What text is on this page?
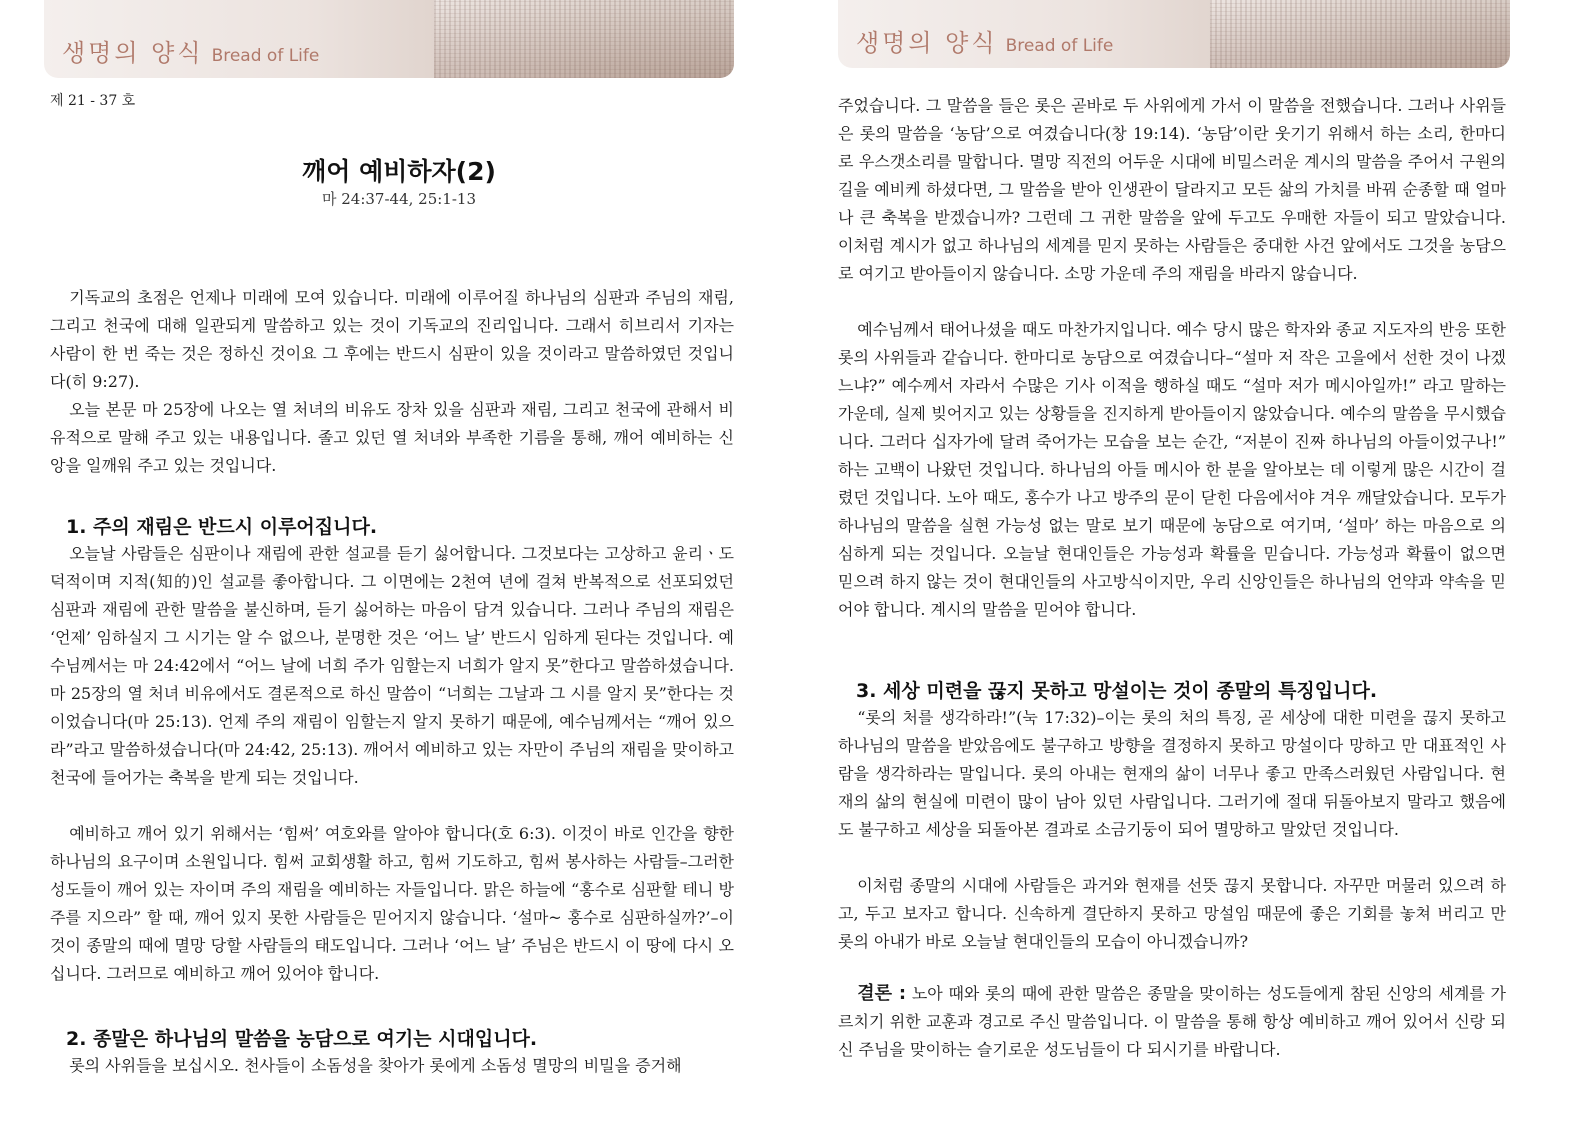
생명의 양식 Bread of Life
제 21 - 37 호
깨어 예비하자(2)
마 24:37-44, 25:1-13

기독교의 초점은 언제나 미래에 모여 있습니다. 미래에 이루어질 하나님의 심판과 주님의 재림, 그리고 천국에 대해 일관되게 말씀하고 있는 것이 기독교의 진리입니다. 그래서 히브리서 기자는 사람이 한 번 죽는 것은 정하신 것이요 그 후에는 반드시 심판이 있을 것이라고 말씀하였던 것입니다(히 9:27).

오늘 본문 마 25장에 나오는 열 처녀의 비유도 장차 있을 심판과 재림, 그리고 천국에 관해서 비유적으로 말해 주고 있는 내용입니다. 졸고 있던 열 처녀와 부족한 기름을 통해, 깨어 예비하는 신앙을 일깨워 주고 있는 것입니다.

1. 주의 재림은 반드시 이루어집니다.

오늘날 사람들은 심판이나 재림에 관한 설교를 듣기 싫어합니다. 그것보다는 고상하고 윤리ㆍ도덕적이며 지적(知的)인 설교를 좋아합니다. 그 이면에는 2천여 년에 걸쳐 반복적으로 선포되었던 심판과 재림에 관한 말씀을 불신하며, 듣기 싫어하는 마음이 담겨 있습니다. 그러나 주님의 재림은 ‘언제’ 임하실지 그 시기는 알 수 없으나, 분명한 것은 ‘어느 날’ 반드시 임하게 된다는 것입니다. 예수님께서는 마 24:42에서 “어느 날에 너희 주가 임할는지 너희가 알지 못”한다고 말씀하셨습니다. 마 25장의 열 처녀 비유에서도 결론적으로 하신 말씀이 “너희는 그날과 그 시를 알지 못”한다는 것이었습니다(마 25:13). 언제 주의 재림이 임할는지 알지 못하기 때문에, 예수님께서는 “깨어 있으라”라고 말씀하셨습니다(마 24:42, 25:13). 깨어서 예비하고 있는 자만이 주님의 재림을 맞이하고 천국에 들어가는 축복을 받게 되는 것입니다.

예비하고 깨어 있기 위해서는 ‘힘써’ 여호와를 알아야 합니다(호 6:3). 이것이 바로 인간을 향한 하나님의 요구이며 소원입니다. 힘써 교회생활 하고, 힘써 기도하고, 힘써 봉사하는 사람들–그러한 성도들이 깨어 있는 자이며 주의 재림을 예비하는 자들입니다. 맑은 하늘에 “홍수로 심판할 테니 방주를 지으라” 할 때, 깨어 있지 못한 사람들은 믿어지지 않습니다. ‘설마~ 홍수로 심판하실까?’–이것이 종말의 때에 멸망 당할 사람들의 태도입니다. 그러나 ‘어느 날’ 주님은 반드시 이 땅에 다시 오십니다. 그러므로 예비하고 깨어 있어야 합니다.

2. 종말은 하나님의 말씀을 농담으로 여기는 시대입니다.

롯의 사위들을 보십시오. 천사들이 소돔성을 찾아가 롯에게 소돔성 멸망의 비밀을 증거해

생명의 양식 Bread of Life

주었습니다. 그 말씀을 들은 롯은 곧바로 두 사위에게 가서 이 말씀을 전했습니다. 그러나 사위들은 롯의 말씀을 ‘농담’으로 여겼습니다(창 19:14). ‘농담’이란 웃기기 위해서 하는 소리, 한마디로 우스갯소리를 말합니다. 멸망 직전의 어두운 시대에 비밀스러운 계시의 말씀을 주어서 구원의 길을 예비케 하셨다면, 그 말씀을 받아 인생관이 달라지고 모든 삶의 가치를 바꿔 순종할 때 얼마나 큰 축복을 받겠습니까? 그런데 그 귀한 말씀을 앞에 두고도 우매한 자들이 되고 말았습니다. 이처럼 계시가 없고 하나님의 세계를 믿지 못하는 사람들은 중대한 사건 앞에서도 그것을 농담으로 여기고 받아들이지 않습니다. 소망 가운데 주의 재림을 바라지 않습니다.

예수님께서 태어나셨을 때도 마찬가지입니다. 예수 당시 많은 학자와 종교 지도자의 반응 또한 롯의 사위들과 같습니다. 한마디로 농담으로 여겼습니다–“설마 저 작은 고을에서 선한 것이 나겠느냐?” 예수께서 자라서 수많은 기사 이적을 행하실 때도 “설마 저가 메시아일까!” 라고 말하는 가운데, 실제 빚어지고 있는 상황들을 진지하게 받아들이지 않았습니다. 예수의 말씀을 무시했습니다. 그러다 십자가에 달려 죽어가는 모습을 보는 순간, “저분이 진짜 하나님의 아들이었구나!” 하는 고백이 나왔던 것입니다. 하나님의 아들 메시아 한 분을 알아보는 데 이렇게 많은 시간이 걸렸던 것입니다. 노아 때도, 홍수가 나고 방주의 문이 닫힌 다음에서야 겨우 깨달았습니다. 모두가 하나님의 말씀을 실현 가능성 없는 말로 보기 때문에 농담으로 여기며, ‘설마’ 하는 마음으로 의심하게 되는 것입니다. 오늘날 현대인들은 가능성과 확률을 믿습니다. 가능성과 확률이 없으면 믿으려 하지 않는 것이 현대인들의 사고방식이지만, 우리 신앙인들은 하나님의 언약과 약속을 믿어야 합니다. 계시의 말씀을 믿어야 합니다.

3. 세상 미련을 끊지 못하고 망설이는 것이 종말의 특징입니다.

“롯의 처를 생각하라!”(눅 17:32)–이는 롯의 처의 특징, 곧 세상에 대한 미련을 끊지 못하고 하나님의 말씀을 받았음에도 불구하고 방향을 결정하지 못하고 망설이다 망하고 만 대표적인 사람을 생각하라는 말입니다. 롯의 아내는 현재의 삶이 너무나 좋고 만족스러웠던 사람입니다. 현재의 삶의 현실에 미련이 많이 남아 있던 사람입니다. 그러기에 절대 뒤돌아보지 말라고 했음에도 불구하고 세상을 되돌아본 결과로 소금기둥이 되어 멸망하고 말았던 것입니다.

이처럼 종말의 시대에 사람들은 과거와 현재를 선뜻 끊지 못합니다. 자꾸만 머물러 있으려 하고, 두고 보자고 합니다. 신속하게 결단하지 못하고 망설임 때문에 좋은 기회를 놓쳐 버리고 만 롯의 아내가 바로 오늘날 현대인들의 모습이 아니겠습니까?

결론 : 노아 때와 롯의 때에 관한 말씀은 종말을 맞이하는 성도들에게 참된 신앙의 세계를 가르치기 위한 교훈과 경고로 주신 말씀입니다. 이 말씀을 통해 항상 예비하고 깨어 있어서 신랑 되신 주님을 맞이하는 슬기로운 성도님들이 다 되시기를 바랍니다.
